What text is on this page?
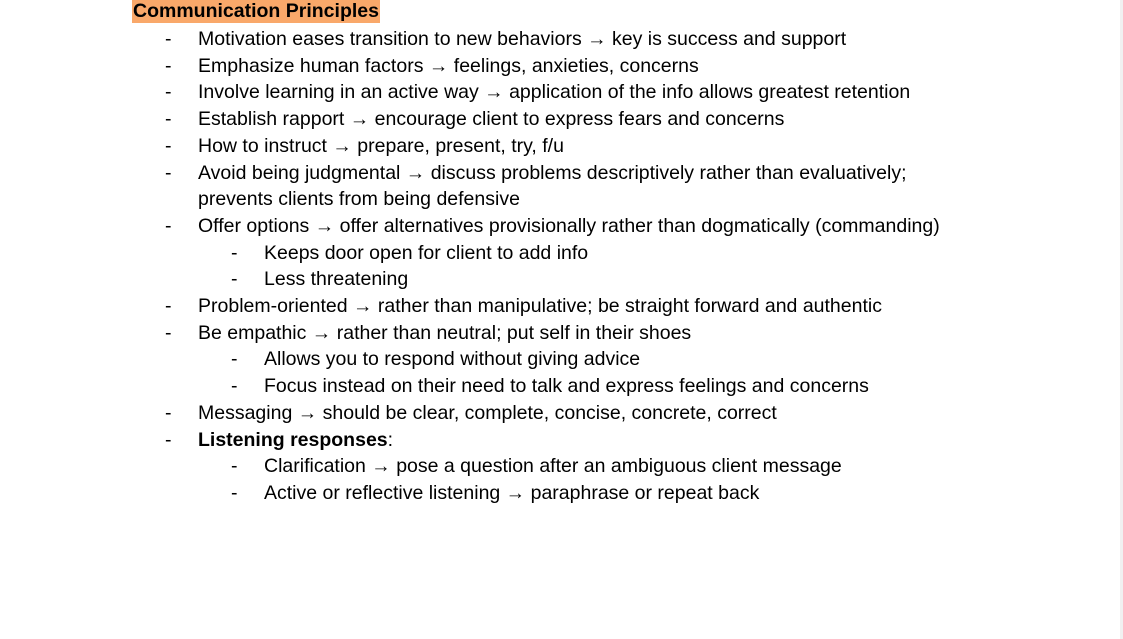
Communication Principles
- Motivation eases transition to new behaviors → key is success and support
- Emphasize human factors → feelings, anxieties, concerns
- Involve learning in an active way → application of the info allows greatest retention
- Establish rapport → encourage client to express fears and concerns
- How to instruct → prepare, present, try, f/u
- Avoid being judgmental → discuss problems descriptively rather than evaluatively;
prevents clients from being defensive
- Offer options → offer alternatives provisionally rather than dogmatically (commanding)
- Keeps door open for client to add info
- Less threatening
- Problem-oriented → rather than manipulative; be straight forward and authentic
- Be empathic → rather than neutral; put self in their shoes
- Allows you to respond without giving advice
- Focus instead on their need to talk and express feelings and concerns
- Messaging → should be clear, complete, concise, concrete, correct
- Listening responses:
- Clarification → pose a question after an ambiguous client message
- Active or reflective listening → paraphrase or repeat back
